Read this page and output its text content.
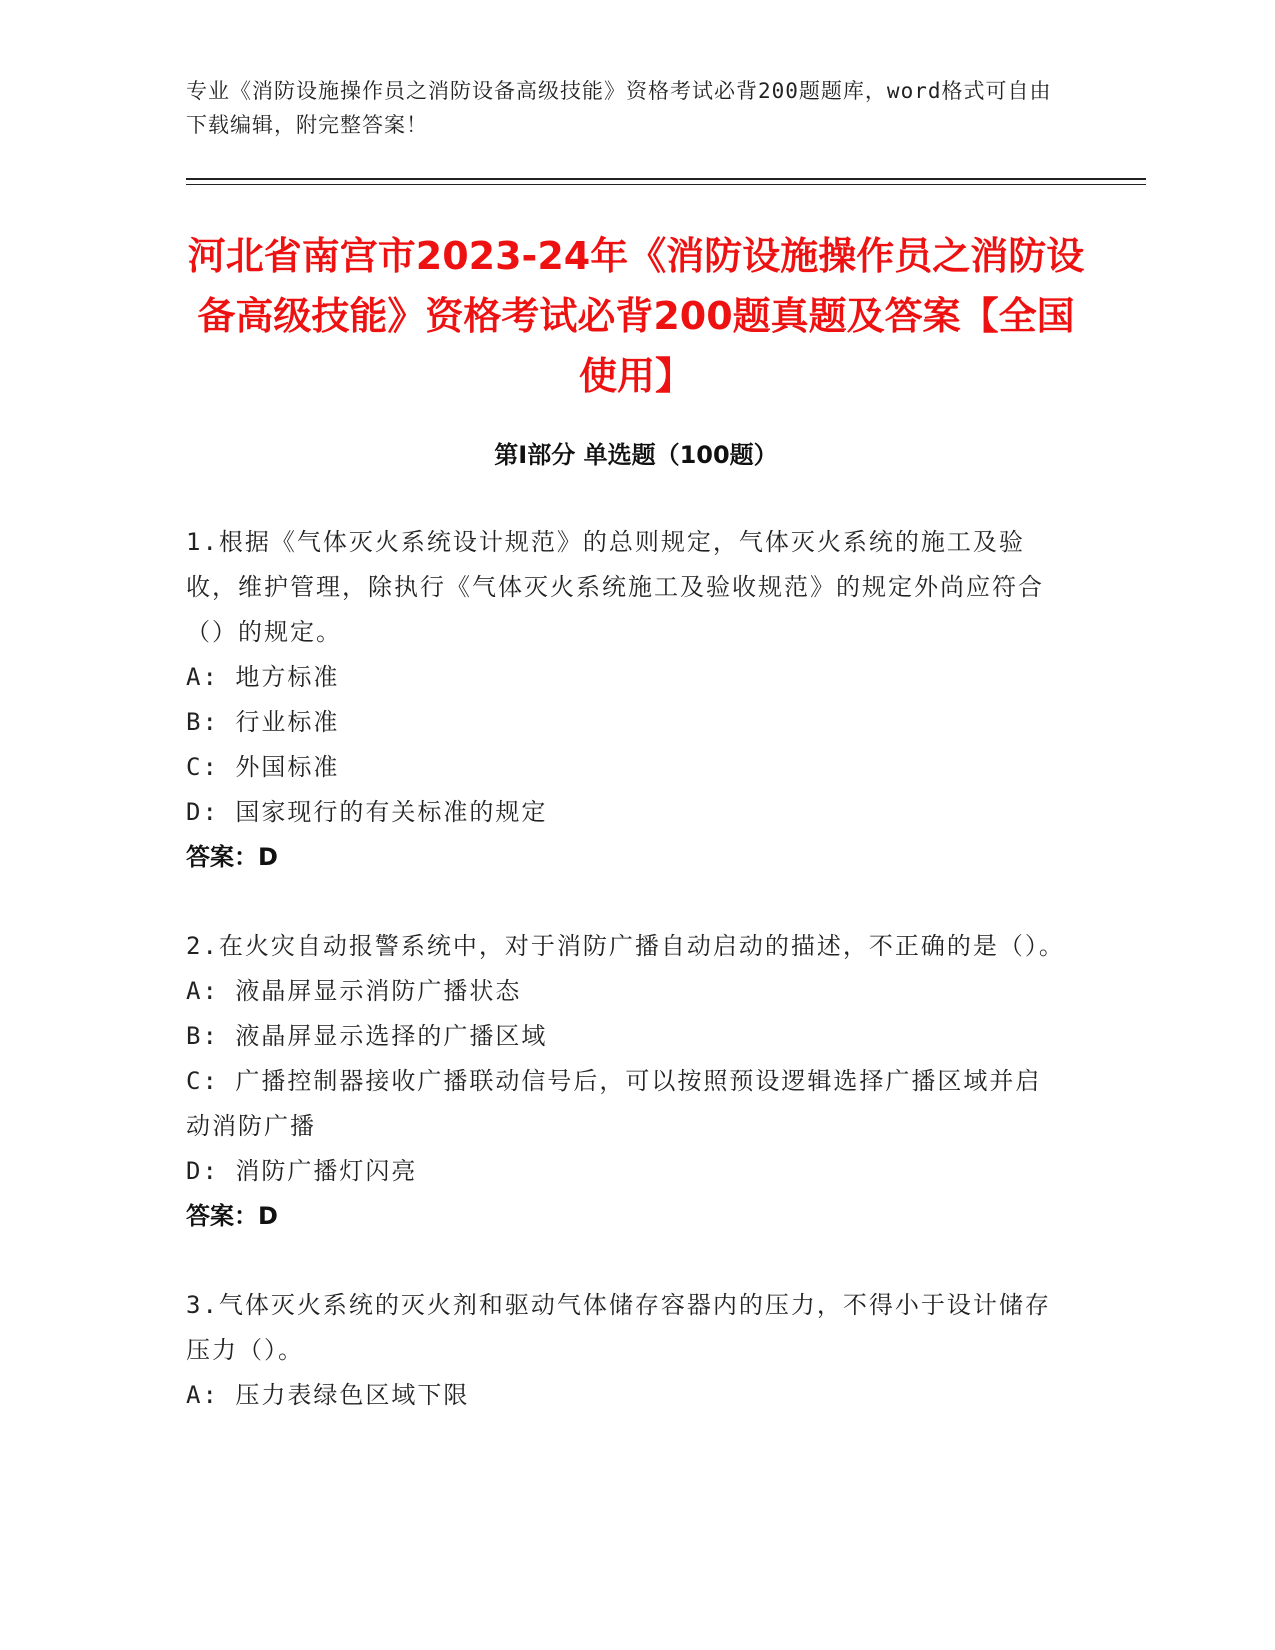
专业《消防设施操作员之消防设备高级技能》资格考试必背200题题库，word格式可自由下载编辑，附完整答案！
河北省南宫市2023-24年《消防设施操作员之消防设备高级技能》资格考试必背200题真题及答案【全国使用】
第I部分 单选题（100题）
1.根据《气体灭火系统设计规范》的总则规定，气体灭火系统的施工及验收，维护管理，除执行《气体灭火系统施工及验收规范》的规定外尚应符合（）的规定。
A: 地方标准
B: 行业标准
C: 外国标准
D: 国家现行的有关标准的规定
答案：D
2.在火灾自动报警系统中，对于消防广播自动启动的描述，不正确的是（）。
A: 液晶屏显示消防广播状态
B: 液晶屏显示选择的广播区域
C: 广播控制器接收广播联动信号后，可以按照预设逻辑选择广播区域并启动消防广播
D: 消防广播灯闪亮
答案：D
3.气体灭火系统的灭火剂和驱动气体储存容器内的压力，不得小于设计储存压力（）。
A: 压力表绿色区域下限
